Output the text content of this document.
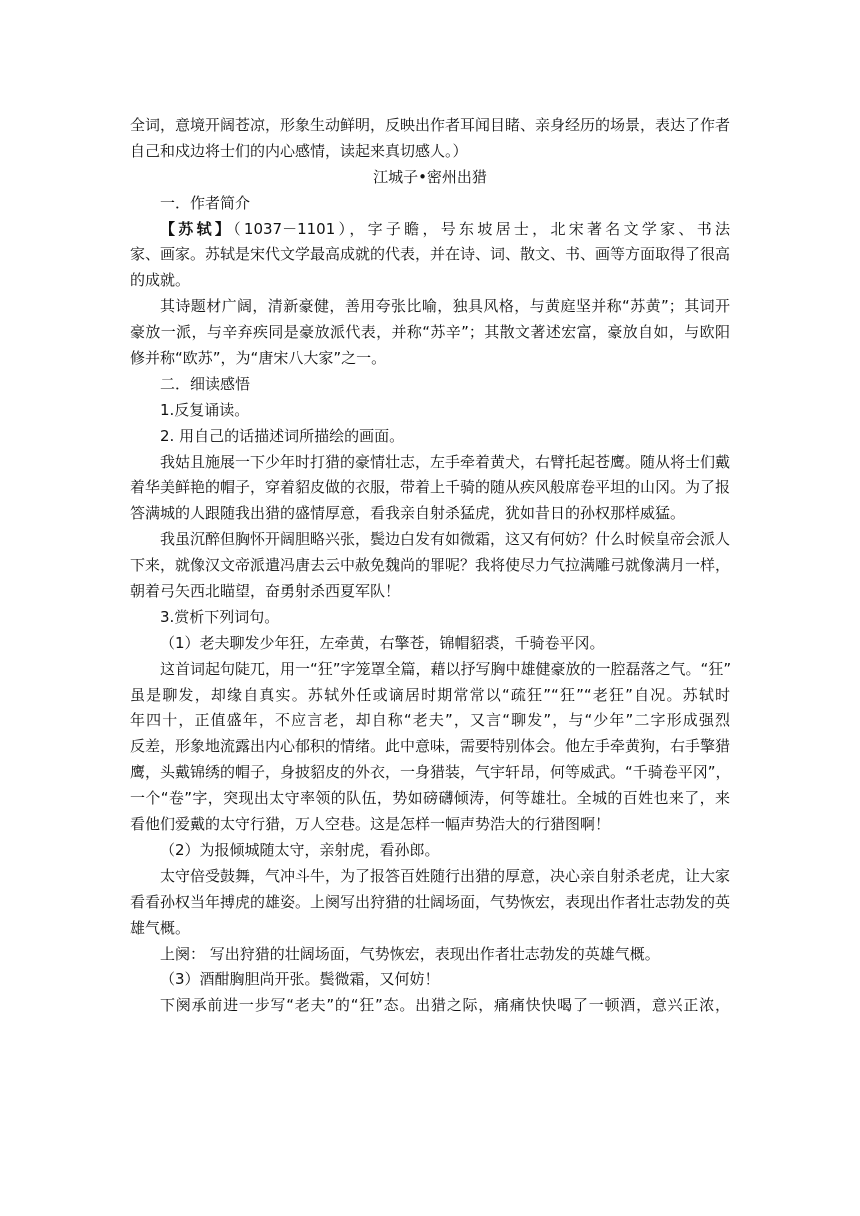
全词，意境开阔苍凉，形象生动鲜明，反映出作者耳闻目睹、亲身经历的场景，表达了作者
自己和戍边将士们的内心感情，读起来真切感人。）
江城子•密州出猎
一．作者简介
【苏轼】（1037－1101），字子瞻，号东坡居士，北宋著名文学家、书法
家、画家。苏轼是宋代文学最高成就的代表，并在诗、词、散文、书、画等方面取得了很高
的成就。
其诗题材广阔，清新豪健，善用夸张比喻，独具风格，与黄庭坚并称“苏黄”；其词开
豪放一派，与辛弃疾同是豪放派代表，并称“苏辛”；其散文著述宏富，豪放自如，与欧阳
修并称“欧苏”，为“唐宋八大家”之一。
二．细读感悟
1.反复诵读。
2. 用自己的话描述词所描绘的画面。
我姑且施展一下少年时打猎的豪情壮志，左手牵着黄犬，右臂托起苍鹰。随从将士们戴
着华美鲜艳的帽子，穿着貂皮做的衣服，带着上千骑的随从疾风般席卷平坦的山冈。为了报
答满城的人跟随我出猎的盛情厚意，看我亲自射杀猛虎，犹如昔日的孙权那样威猛。
我虽沉醉但胸怀开阔胆略兴张，鬓边白发有如微霜，这又有何妨？什么时候皇帝会派人
下来，就像汉文帝派遣冯唐去云中赦免魏尚的罪呢？我将使尽力气拉满雕弓就像满月一样，
朝着弓矢西北瞄望，奋勇射杀西夏军队！
3.赏析下列词句。
（1）老夫聊发少年狂，左牵黄，右擎苍，锦帽貂裘，千骑卷平冈。
这首词起句陡兀，用一“狂”字笼罩全篇，藉以抒写胸中雄健豪放的一腔磊落之气。“狂”
虽是聊发，却缘自真实。苏轼外任或谪居时期常常以“疏狂”“狂”“老狂”自况。苏轼时
年四十，正值盛年，不应言老，却自称“老夫”，又言“聊发”，与“少年”二字形成强烈
反差，形象地流露出内心郁积的情绪。此中意味，需要特别体会。他左手牵黄狗，右手擎猎
鹰，头戴锦绣的帽子，身披貂皮的外衣，一身猎装，气宇轩昂，何等威武。“千骑卷平冈”，
一个“卷”字，突现出太守率领的队伍，势如磅礴倾涛，何等雄壮。全城的百姓也来了，来
看他们爱戴的太守行猎，万人空巷。这是怎样一幅声势浩大的行猎图啊！
（2）为报倾城随太守，亲射虎，看孙郎。
太守倍受鼓舞，气冲斗牛，为了报答百姓随行出猎的厚意，决心亲自射杀老虎，让大家
看看孙权当年搏虎的雄姿。上阕写出狩猎的壮阔场面，气势恢宏，表现出作者壮志勃发的英
雄气概。
上阕： 写出狩猎的壮阔场面，气势恢宏，表现出作者壮志勃发的英雄气概。
（3）酒酣胸胆尚开张。鬓微霜，又何妨！
下阕承前进一步写“老夫”的“狂”态。出猎之际，痛痛快快喝了一顿酒，意兴正浓，
